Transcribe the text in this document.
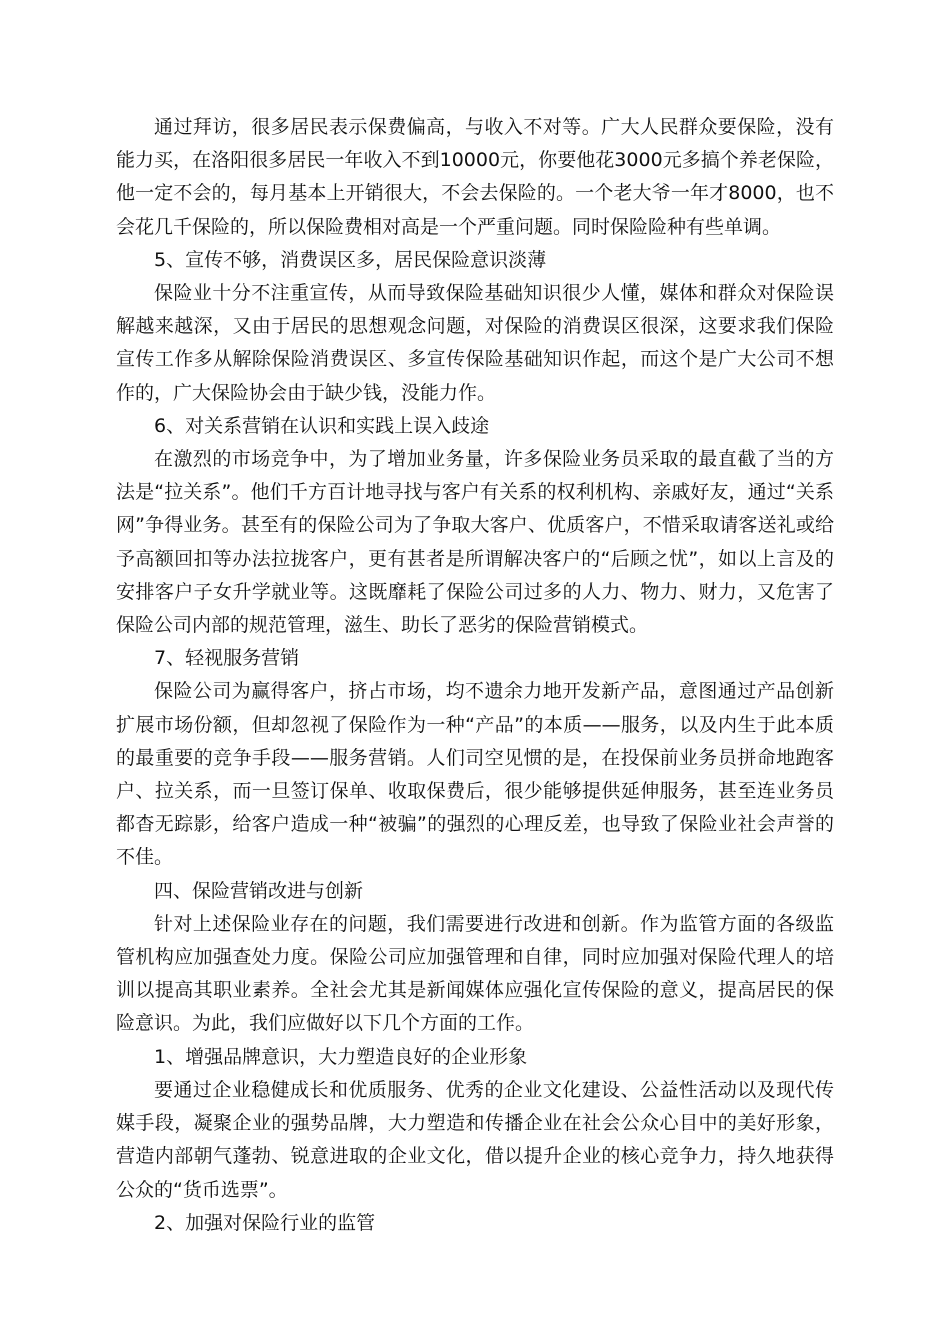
通过拜访，很多居民表示保费偏高，与收入不对等。广大人民群众要保险，没有能力买，在洛阳很多居民一年收入不到10000元，你要他花3000元多搞个养老保险，他一定不会的，每月基本上开销很大，不会去保险的。一个老大爷一年才8000，也不会花几千保险的，所以保险费相对高是一个严重问题。同时保险险种有些单调。

5、宣传不够，消费误区多，居民保险意识淡薄

保险业十分不注重宣传，从而导致保险基础知识很少人懂，媒体和群众对保险误解越来越深，又由于居民的思想观念问题，对保险的消费误区很深，这要求我们保险宣传工作多从解除保险消费误区、多宣传保险基础知识作起，而这个是广大公司不想作的，广大保险协会由于缺少钱，没能力作。

6、对关系营销在认识和实践上误入歧途

在激烈的市场竞争中，为了增加业务量，许多保险业务员采取的最直截了当的方法是“拉关系”。他们千方百计地寻找与客户有关系的权利机构、亲戚好友，通过“关系网”争得业务。甚至有的保险公司为了争取大客户、优质客户，不惜采取请客送礼或给予高额回扣等办法拉拢客户，更有甚者是所谓解决客户的“后顾之忧”，如以上言及的安排客户子女升学就业等。这既靡耗了保险公司过多的人力、物力、财力，又危害了保险公司内部的规范管理，滋生、助长了恶劣的保险营销模式。

7、轻视服务营销

保险公司为赢得客户，挤占市场，均不遗余力地开发新产品，意图通过产品创新扩展市场份额，但却忽视了保险作为一种“产品”的本质——服务，以及内生于此本质的最重要的竞争手段——服务营销。人们司空见惯的是，在投保前业务员拼命地跑客户、拉关系，而一旦签订保单、收取保费后，很少能够提供延伸服务，甚至连业务员都杳无踪影，给客户造成一种“被骗”的强烈的心理反差，也导致了保险业社会声誉的不佳。

四、保险营销改进与创新

针对上述保险业存在的问题，我们需要进行改进和创新。作为监管方面的各级监管机构应加强查处力度。保险公司应加强管理和自律，同时应加强对保险代理人的培训以提高其职业素养。全社会尤其是新闻媒体应强化宣传保险的意义，提高居民的保险意识。为此，我们应做好以下几个方面的工作。

1、增强品牌意识，大力塑造良好的企业形象

要通过企业稳健成长和优质服务、优秀的企业文化建设、公益性活动以及现代传媒手段，凝聚企业的强势品牌，大力塑造和传播企业在社会公众心目中的美好形象，营造内部朝气蓬勃、锐意进取的企业文化，借以提升企业的核心竞争力，持久地获得公众的“货币选票”。

2、加强对保险行业的监管
